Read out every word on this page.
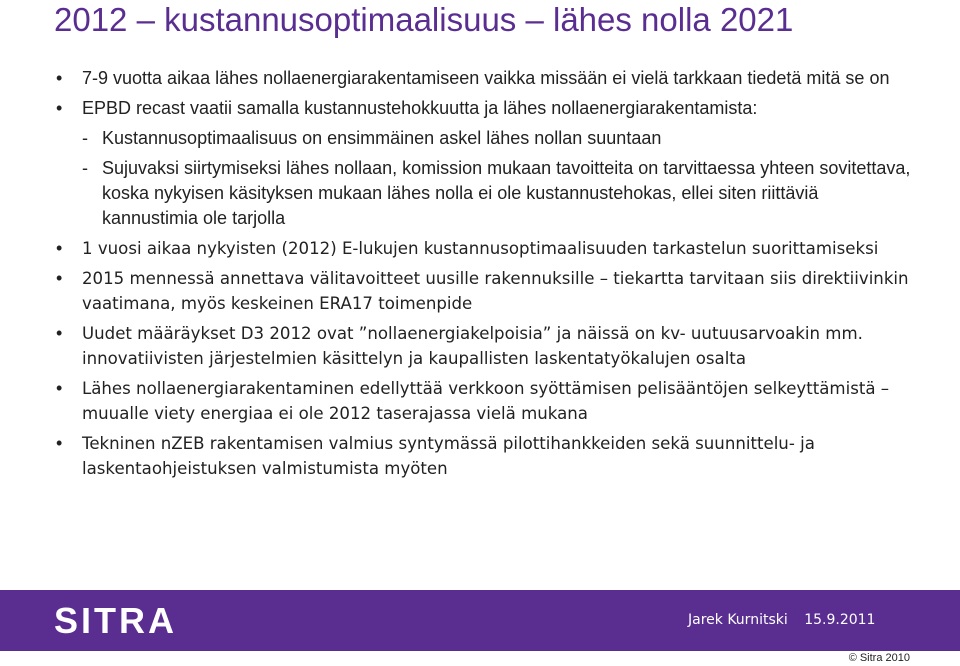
2012 – kustannusoptimaalisuus – lähes nolla 2021
•	7-9 vuotta aikaa lähes nollaenergiarakentamiseen vaikka missään ei vielä tarkkaan tiedetä mitä se on
•	EPBD recast vaatii samalla kustannustehokkuutta ja lähes nollaenergiarakentamista:
- Kustannusoptimaalisuus on ensimmäinen askel lähes nollan suuntaan
- Sujuvaksi siirtymiseksi lähes nollaan, komission mukaan tavoitteita on tarvittaessa yhteen sovitettava, koska nykyisen käsityksen mukaan lähes nolla ei ole kustannustehokas, ellei siten riittäviä kannustimia ole tarjolla
•	1 vuosi aikaa nykyisten (2012) E-lukujen kustannusoptimaalisuuden tarkastelun suorittamiseksi
•	2015 mennessä annettava välitavoitteet uusille rakennuksille – tiekartta tarvitaan siis direktiivinkin vaatimana, myös keskeinen ERA17 toimenpide
•	Uudet määräykset D3 2012 ovat ”nollaenergiakelpoisia” ja näissä on kv- uutuusarvoakin mm. innovatiivisten järjestelmien käsittelyn ja kaupallisten laskentatyökalujen osalta
•	Lähes nollaenergiarakentaminen edellyttää verkkoon syöttämisen pelisääntöjen selkeyttämistä – muualle viety energiaa ei ole 2012 taserajassa vielä mukana
•	Tekninen nZEB rakentamisen valmius syntymässä pilottihankkeiden sekä suunnittelu- ja laskentaohjeistuksen valmistumista myöten
SITRA	Jarek Kurnitski 15.9.2011
© Sitra 2010
